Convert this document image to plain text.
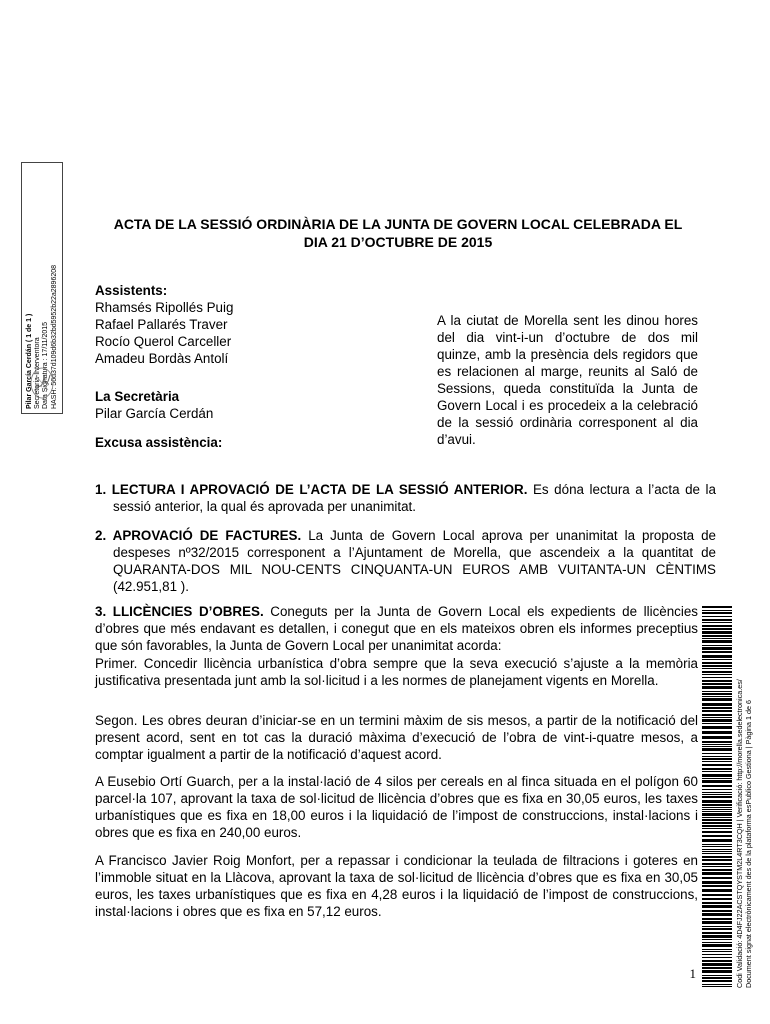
Pilar García Cerdán ( 1 de 1 ) Secretaria-Interventora Data Signatura : 17/11/2015 HASH: 56d37d109d6b32bd5952b22a2896208
ACTA DE LA SESSIÓ ORDINÀRIA DE LA JUNTA DE GOVERN LOCAL CELEBRADA EL
DIA 21 D’OCTUBRE DE 2015
Assistents:
Rhamsés Ripollés Puig
Rafael Pallarés Traver
Rocío Querol Carceller
Amadeu Bordàs Antolí
La Secretària
Pilar García Cerdán
Excusa assistència:

A la ciutat de Morella sent les dinou hores del dia vint-i-un d’octubre de dos mil quinze, amb la presència dels regidors que es relacionen al marge, reunits al Saló de Sessions, queda constituïda la Junta de Govern Local i es procedeix a la celebració de la sessió ordinària corresponent al dia d’avui.

1. LECTURA I APROVACIÓ DE L’ACTA DE LA SESSIÓ ANTERIOR. Es dóna lectura a l’acta de la sessió anterior, la qual és aprovada per unanimitat.

2. APROVACIÓ DE FACTURES. La Junta de Govern Local aprova per unanimitat la proposta de despeses nº32/2015 corresponent a l’Ajuntament de Morella, que ascendeix a la quantitat de QUARANTA-DOS MIL NOU-CENTS CINQUANTA-UN EUROS AMB VUITANTA-UN CÈNTIMS (42.951,81 ).

3. LLICÈNCIES D’OBRES. Coneguts per la Junta de Govern Local els expedients de llicències d’obres que més endavant es detallen, i conegut que en els mateixos obren els informes preceptius que són favorables, la Junta de Govern Local per unanimitat acorda:

Primer. Concedir llicència urbanística d’obra sempre que la seva execució s’ajuste a la memòria justificativa presentada junt amb la sol·licitud i a les normes de planejament vigents en Morella.

Segon. Les obres deuran d’iniciar-se en un termini màxim de sis mesos, a partir de la notificació del present acord, sent en tot cas la duració màxima d’execució de l’obra de vint-i-quatre mesos, a comptar igualment a partir de la notificació d’aquest acord.

A Eusebio Ortí Guarch, per a la instal·lació de 4 silos per cereals en al finca situada en el polígon 60 parcel·la 107, aprovant la taxa de sol·licitud de llicència d’obres que es fixa en 30,05 euros, les taxes urbanístiques que es fixa en 18,00 euros i la liquidació de l’impost de construccions, instal·lacions i obres que es fixa en 240,00 euros.

A Francisco Javier Roig Monfort, per a repassar i condicionar la teulada de filtracions i goteres en l’immoble situat en la Llàcova, aprovant la taxa de sol·licitud de llicència d’obres que es fixa en 30,05 euros, les taxes urbanístiques que es fixa en 4,28 euros i la liquidació de l’impost de construccions, instal·lacions i obres que es fixa en 57,12 euros.

1	Codi Validació: 4D4FJ22ACSTQYSTM2L4RT3CQH | Verificació: http://morella.sedelectronica.es/ Document signat electrònicament des de la plataforma esPublico Gestiona | Pàgina 1 de 6
